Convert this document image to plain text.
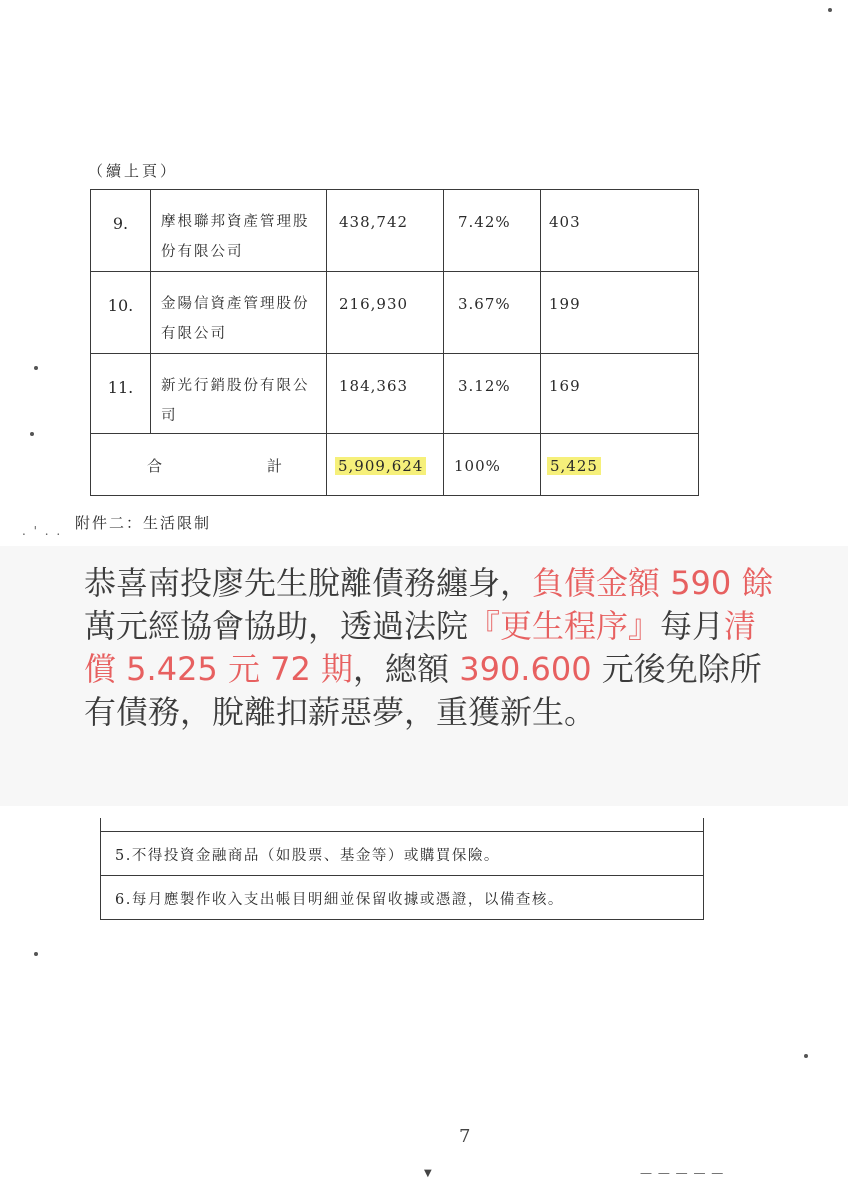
（續上頁）
9.	摩根聯邦資產管理股份有限公司	438,742	7.42%	403
10.	金陽信資產管理股份有限公司	216,930	3.67%	199
11.	新光行銷股份有限公司	184,363	3.12%	169

合 計		5,909,624	100%	5,425
. ' . . 附件二：生活限制

恭喜南投廖先生脫離債務纏身，負債金額 590 餘萬元經協會協助，透過法院『更生程序』每月清償 5.425 元 72 期，總額 390.600 元後免除所有債務，脫離扣薪惡夢，重獲新生。

5.不得投資金融商品（如股票、基金等）或購買保險。
6.每月應製作收入支出帳目明細並保留收據或憑證，以備查核。
7
▼	— — — — —
